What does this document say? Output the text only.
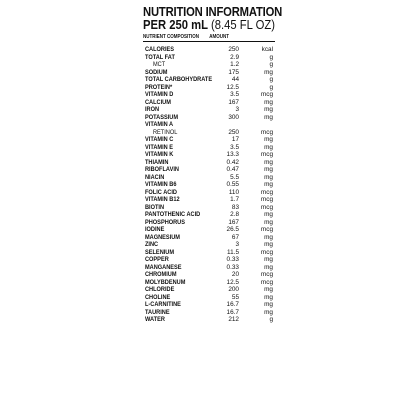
NUTRITION INFORMATION
PER 250 mL (8.45 FL OZ)
NUTRIENT COMPOSITION AMOUNT
CALORIES	250	kcal
TOTAL FAT	2.9	g
MCT	1.2	g
SODIUM	175	mg
TOTAL CARBOHYDRATE	44	g
PROTEIN*	12.5	g
VITAMIN D	3.5	mcg
CALCIUM	167	mg
IRON	3	mg
POTASSIUM	300	mg
VITAMIN A
RETINOL	250	mcg
VITAMIN C	17	mg
VITAMIN E	3.5	mg
VITAMIN K	13.3	mcg
THIAMIN	0.42	mg
RIBOFLAVIN	0.47	mg
NIACIN	5.5	mg
VITAMIN B6	0.55	mg
FOLIC ACID	110	mcg
VITAMIN B12	1.7	mcg
BIOTIN	83	mcg
PANTOTHENIC ACID	2.8	mg
PHOSPHORUS	167	mg
IODINE	26.5	mcg
MAGNESIUM	67	mg
ZINC	3	mg
SELENIUM	11.5	mcg
COPPER	0.33	mg
MANGANESE	0.33	mg
CHROMIUM	20	mcg
MOLYBDENUM	12.5	mcg
CHLORIDE	200	mg
CHOLINE	55	mg
L-CARNITINE	16.7	mg
TAURINE	16.7	mg
WATER	212	g
